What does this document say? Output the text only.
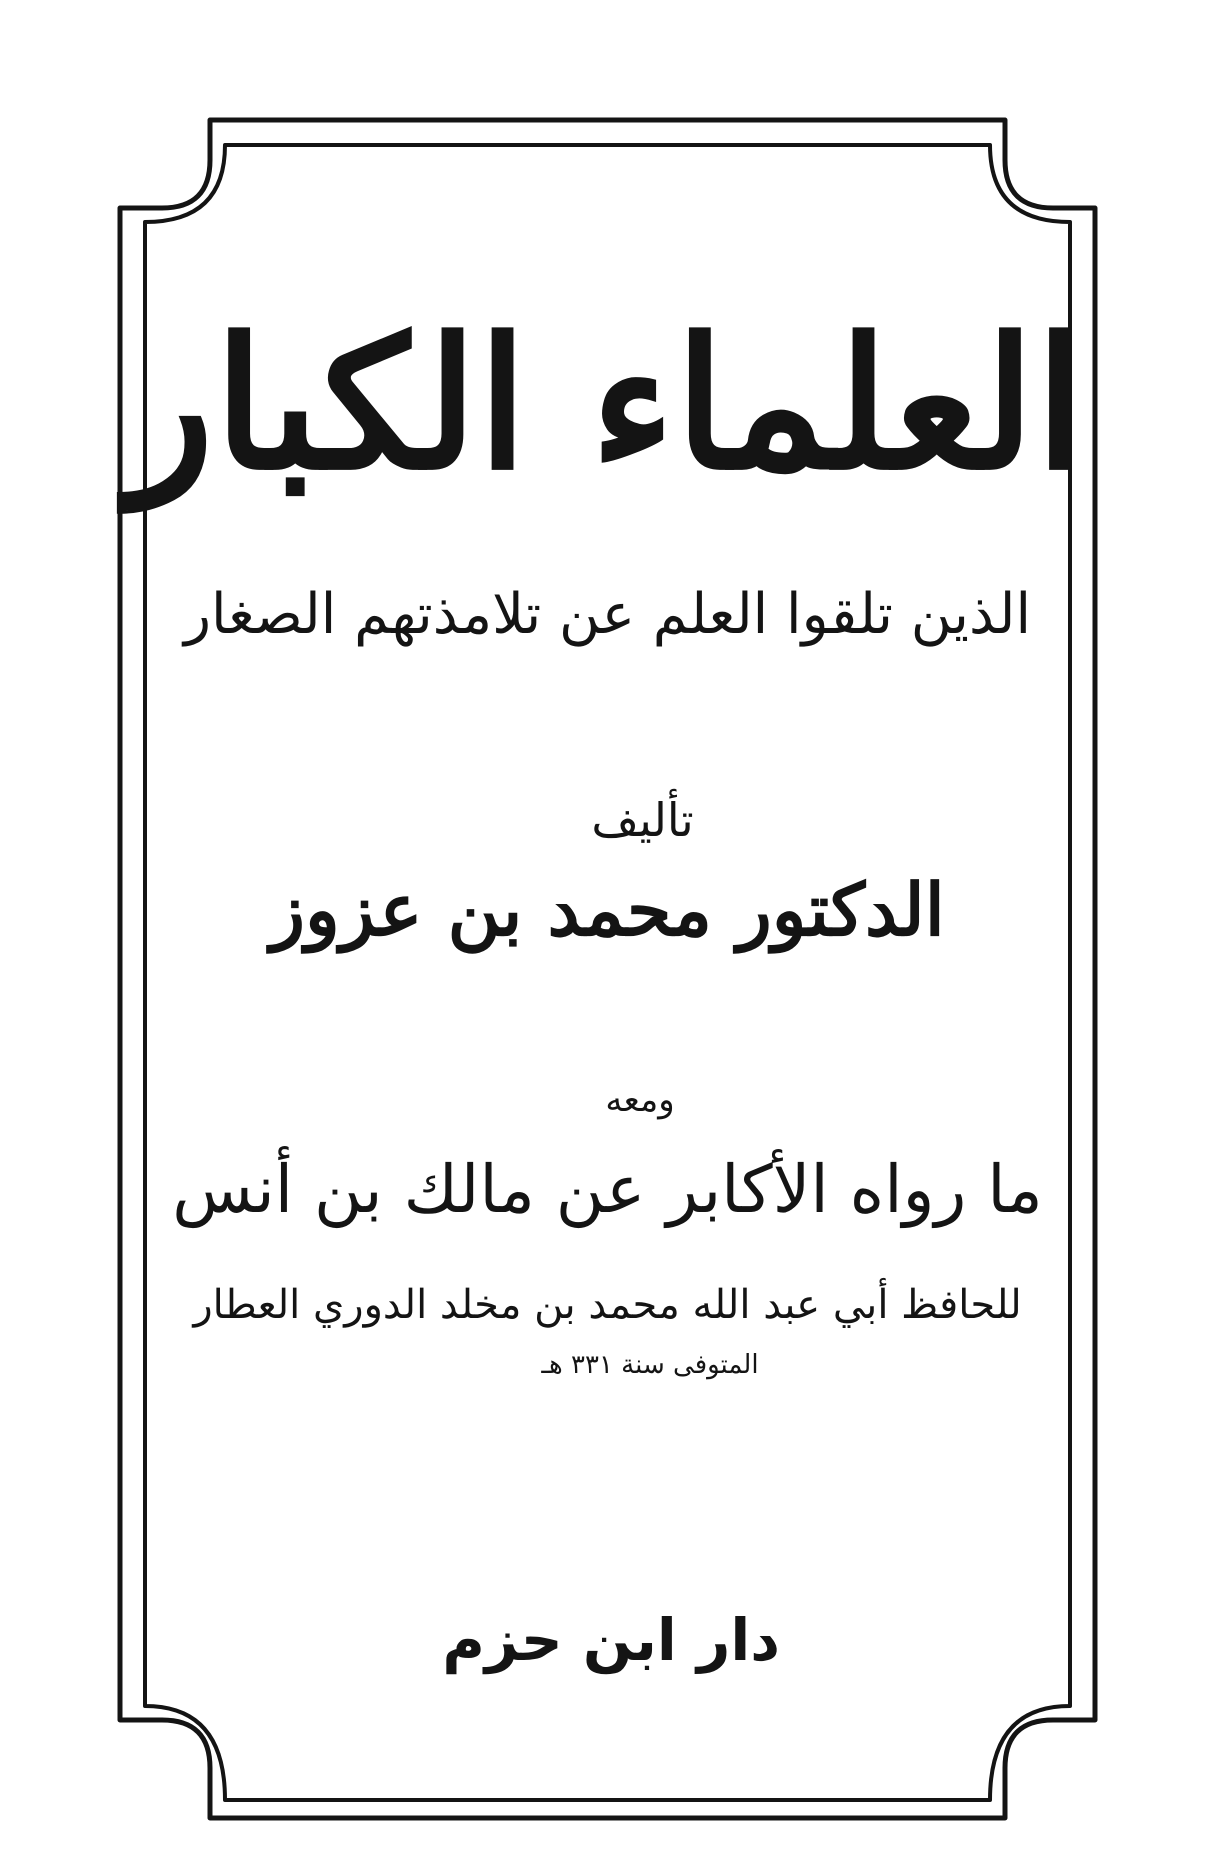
العلماء الكبار
الذين تلقوا العلم عن تلامذتهم الصغار
تأليف
الدكتور محمد بن عزوز
ومعه
ما رواه الأكابر عن مالك بن أنس
للحافظ أبي عبد الله محمد بن مخلد الدوري العطار
المتوفى سنة ٣٣١ هـ
دار ابن حزم
